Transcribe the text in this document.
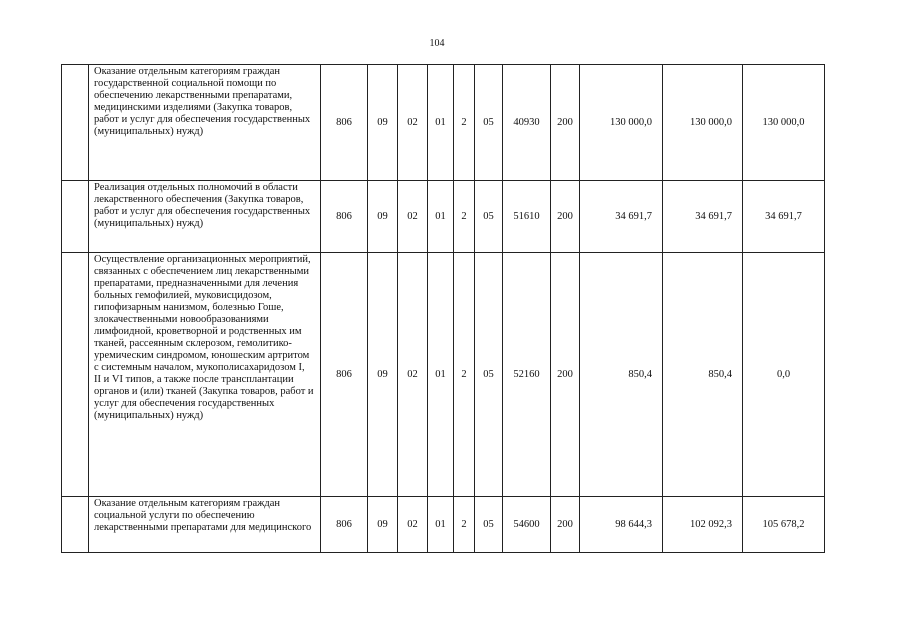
104
	Оказание отдельным категориям граждан государственной социальной помощи по обеспечению лекарственными препаратами, медицинскими изделиями (Закупка товаров, работ и услуг для обеспечения государственных (муниципальных) нужд)	806	09	02	01	2	05	40930	200	130 000,0	130 000,0	130 000,0
	Реализация отдельных полномочий в области лекарственного обеспечения (Закупка товаров, работ и услуг для обеспечения государственных (муниципальных) нужд)	806	09	02	01	2	05	51610	200	34 691,7	34 691,7	34 691,7
	Осуществление организационных мероприятий, связанных с обеспечением лиц лекарственными препаратами, предназначенными для лечения больных гемофилией, муковисцидозом, гипофизарным нанизмом, болезнью Гоше, злокачественными новообразованиями лимфоидной, кроветворной и родственных им тканей, рассеянным склерозом, гемолитико-уремическим синдромом, юношеским артритом с системным началом, мукополисахаридозом I, II и VI типов, а также после трансплантации органов и (или) тканей (Закупка товаров, работ и услуг для обеспечения государственных (муниципальных) нужд)	806	09	02	01	2	05	52160	200	850,4	850,4	0,0
	Оказание отдельным категориям граждан социальной услуги по обеспечению лекарственными препаратами для медицинского	806	09	02	01	2	05	54600	200	98 644,3	102 092,3	105 678,2
